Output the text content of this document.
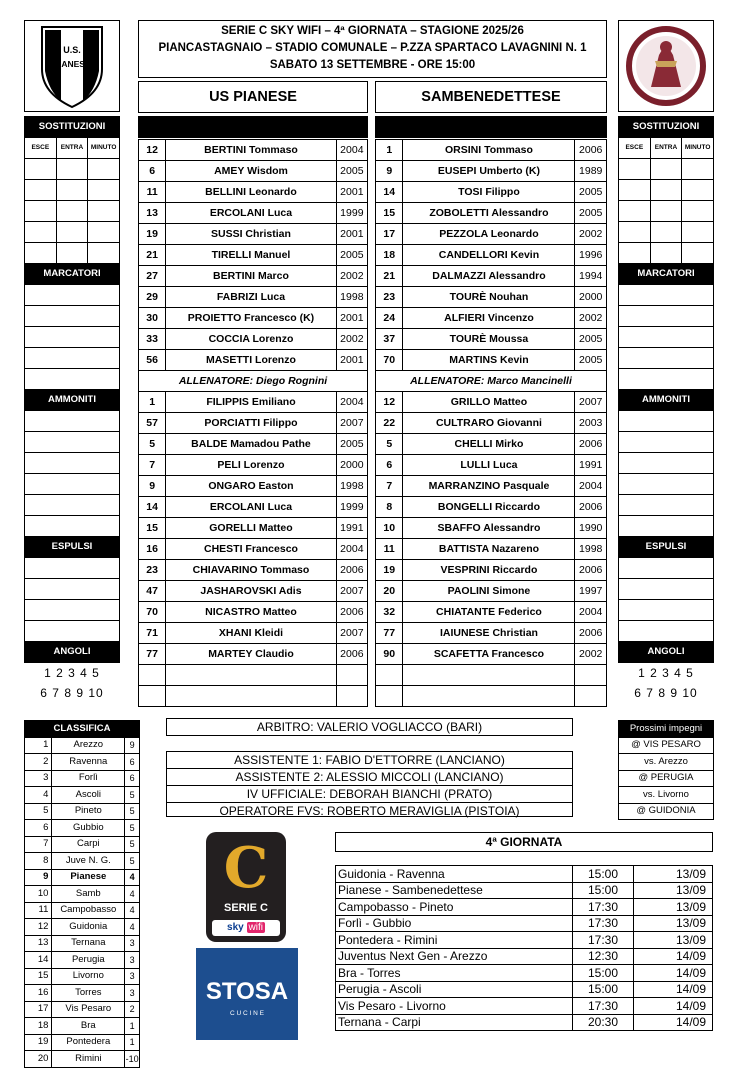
SERIE C SKY WIFI – 4ª GIORNATA – STAGIONE 2025/26
PIANCASTAGNAIO – STADIO COMUNALE – P.ZZA SPARTACO LAVAGNINI N. 1
SABATO 13 SETTEMBRE - ORE 15:00
U.S.
PIANESE
US PIANESE	SAMBENEDETTESE
12	BERTINI Tommaso	2004
6	AMEY Wisdom	2005
11	BELLINI Leonardo	2001
13	ERCOLANI Luca	1999
19	SUSSI Christian	2001
21	TIRELLI Manuel	2005
27	BERTINI Marco	2002
29	FABRIZI Luca	1998
30	PROIETTO Francesco (K)	2001
33	COCCIA Lorenzo	2002
56	MASETTI Lorenzo	2001
ALLENATORE: Diego Rognini		
1	FILIPPIS Emiliano	2004
57	PORCIATTI Filippo	2007
5	BALDE Mamadou Pathe	2005
7	PELI Lorenzo	2000
9	ONGARO Easton	1998
14	ERCOLANI Luca	1999
15	GORELLI Matteo	1991
16	CHESTI Francesco	2004
23	CHIAVARINO Tommaso	2006
47	JASHAROVSKI Adis	2007
70	NICASTRO Matteo	2006
71	XHANI Kleidi	2007
77	MARTEY Claudio	2006

1	ORSINI Tommaso	2006
9	EUSEPI Umberto (K)	1989
14	TOSI Filippo	2005
15	ZOBOLETTI Alessandro	2005
17	PEZZOLA Leonardo	2002
18	CANDELLORI Kevin	1996
21	DALMAZZI Alessandro	1994
23	TOURÈ Nouhan	2000
24	ALFIERI Vincenzo	2002
37	TOURÈ Moussa	2005
70	MARTINS Kevin	2005
ALLENATORE: Marco Mancinelli		
12	GRILLO Matteo	2007
22	CULTRARO Giovanni	2003
5	CHELLI Mirko	2006
6	LULLI Luca	1991
7	MARRANZINO Pasquale	2004
8	BONGELLI Riccardo	2006
10	SBAFFO Alessandro	1990
11	BATTISTA Nazareno	1998
19	VESPRINI Riccardo	2006
20	PAOLINI Simone	1997
32	CHIATANTE Federico	2004
77	IAIUNESE Christian	2006
90	SCAFETTA Francesco	2002

SOSTITUZIONI		
ESCE	ENTRA	MINUTO

MARCATORI		

AMMONITI		

ESPULSI		

ANGOLI		
1 2 3 4 5		
6 7 8 9 10		
SOSTITUZIONI		
ESCE	ENTRA	MINUTO

MARCATORI		

AMMONITI		

ESPULSI		

ANGOLI		
1 2 3 4 5		
6 7 8 9 10		
ARBITRO: VALERIO VOGLIACCO (BARI)
ASSISTENTE 1: FABIO D'ETTORRE (LANCIANO)
ASSISTENTE 2: ALESSIO MICCOLI (LANCIANO)
IV UFFICIALE: DEBORAH BIANCHI (PRATO)
OPERATORE FVS: ROBERTO MERAVIGLIA (PISTOIA)
CLASSIFICA		
1	Arezzo	9
2	Ravenna	6
3	Forlì	6
4	Ascoli	5
5	Pineto	5
6	Gubbio	5
7	Carpi	5
8	Juve N. G.	5
9	Pianese	4
10	Samb	4
11	Campobasso	4
12	Guidonia	4
13	Ternana	3
14	Perugia	3
15	Livorno	3
16	Torres	3
17	Vis Pesaro	2
18	Bra	1
19	Pontedera	1
20	Rimini	-10
Prossimi impegni
@ VIS PESARO
vs. Arezzo
@ PERUGIA
vs. Livorno
@ GUIDONIA
C
SERIE C
sky wifi
STOSA
C U C I N E
4ª GIORNATA
Guidonia - Ravenna	15:00	13/09
Pianese - Sambenedettese	15:00	13/09
Campobasso - Pineto	17:30	13/09
Forlì - Gubbio	17:30	13/09
Pontedera - Rimini	17:30	13/09
Juventus Next Gen - Arezzo	12:30	14/09
Bra - Torres	15:00	14/09
Perugia - Ascoli	15:00	14/09
Vis Pesaro - Livorno	17:30	14/09
Ternana - Carpi	20:30	14/09
